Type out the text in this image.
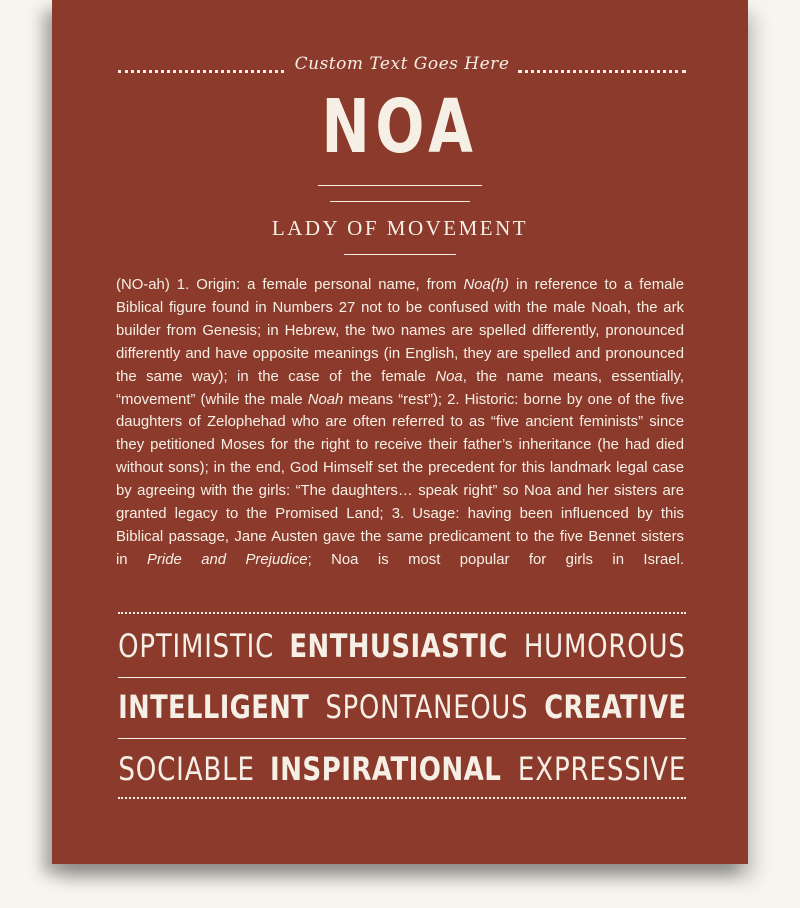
Custom Text Goes Here
NOA
LADY OF MOVEMENT

(NO-ah) 1. Origin: a female personal name, from Noa(h) in reference to a female Biblical figure found in Numbers 27 not to be confused with the male Noah, the ark builder from Genesis; in Hebrew, the two names are spelled differently, pronounced differently and have opposite meanings (in English, they are spelled and pronounced the same way); in the case of the female Noa, the name means, essentially, “movement” (while the male Noah means “rest”); 2. Historic: borne by one of the five daughters of Zelophehad who are often referred to as “five ancient feminists” since they petitioned Moses for the right to receive their father’s inheritance (he had died without sons); in the end, God Himself set the precedent for this landmark legal case by agreeing with the girls: “The daughters… speak right” so Noa and her sisters are granted legacy to the Promised Land; 3. Usage: having been influenced by this Biblical passage, Jane Austen gave the same predicament to the five Bennet sisters in Pride and Prejudice; Noa is most popular for girls in Israel.

OPTIMISTIC ENTHUSIASTIC HUMOROUS
INTELLIGENT SPONTANEOUS CREATIVE
SOCIABLE INSPIRATIONAL EXPRESSIVE
